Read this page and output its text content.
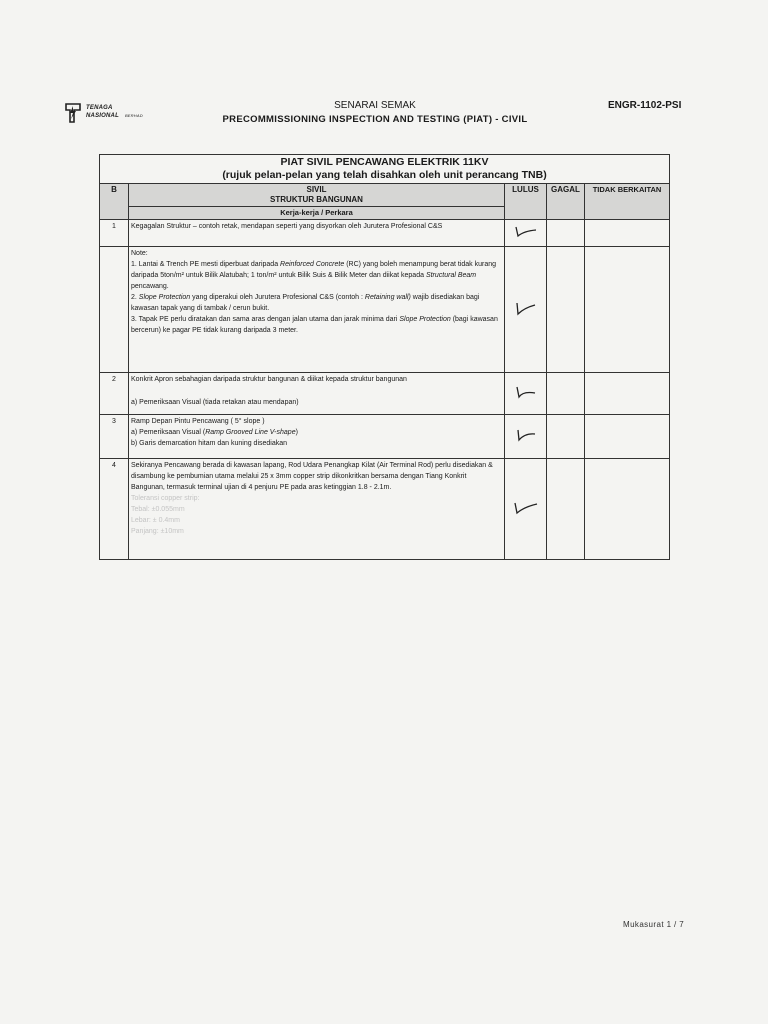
TENAGA
NASIONAL BERHAD
SENARAI SEMAK
PRECOMMISSIONING INSPECTION AND TESTING (PIAT) - CIVIL
ENGR-1102-PSI
PIAT SIVIL PENCAWANG ELEKTRIK 11KV
(rujuk pelan-pelan yang telah disahkan oleh unit perancang TNB)				

B	SIVIL
STRUKTUR BANGUNAN	LULUS	GAGAL	TIDAK BERKAITAN
	Kerja-kerja / Perkara			
1	Kegagalan Struktur – contoh retak, mendapan seperti yang disyorkan oleh Jurutera Profesional C&S			

	Note:
1. Lantai & Trench PE mesti diperbuat daripada Reinforced Concrete (RC) yang boleh menampung berat tidak kurang daripada 5ton/m² untuk Bilik Alatubah; 1 ton/m² untuk Bilik Suis & Bilik Meter dan diikat kepada Structural Beam pencawang.
2. Slope Protection yang diperakui oleh Jurutera Profesional C&S (contoh : Retaining wall) wajib disediakan bagi kawasan tapak yang di tambak / cerun bukit.
3. Tapak PE perlu diratakan dan sama aras dengan jalan utama dan jarak minima dari Slope Protection (bagi kawasan bercerun) ke pagar PE tidak kurang daripada 3 meter.

2	Konkrit Apron sebahagian daripada struktur bangunan & diikat kepada struktur bangunan
a) Pemeriksaan Visual (tiada retakan atau mendapan)

3	Ramp Depan Pintu Pencawang ( 5° slope )
a) Pemeriksaan Visual (Ramp Grooved Line V-shape)
b) Garis demarcation hitam dan kuning disediakan

4	Sekiranya Pencawang berada di kawasan lapang, Rod Udara Penangkap Kilat (Air Terminal Rod) perlu disediakan & disambung ke pembumian utama melalui 25 x 3mm copper strip dikonkritkan bersama dengan Tiang Konkrit Bangunan, termasuk terminal ujian di 4 penjuru PE pada aras ketinggian 1.8 - 2.1m.
Toleransi copper strip:
Tebal: ±0.055mm
Lebar: ± 0.4mm
Panjang: ±10mm

Mukasurat 1 / 7
